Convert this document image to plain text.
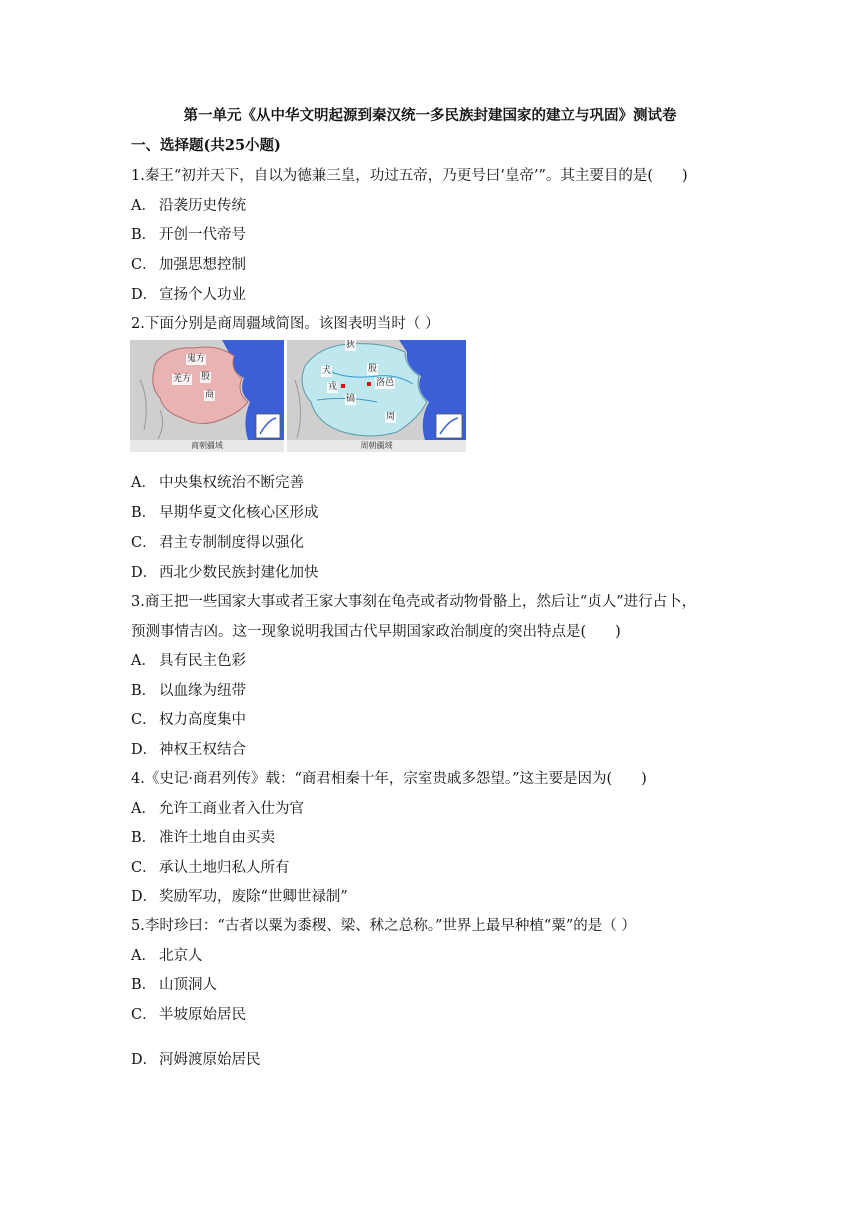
第一单元《从中华文明起源到秦汉统一多民族封建国家的建立与巩固》测试卷
一、选择题(共25小题)
1.秦王“初并天下，自以为德兼三皇，功过五帝，乃更号曰‘皇帝’”。其主要目的是(　　)
A． 沿袭历史传统
B． 开创一代帝号
C． 加强思想控制
D． 宣扬个人功业
2.下面分别是商周疆域简图。该图表明当时（ ）
鬼方
殷
羌方
商
商朝疆域
狄
犬	殷
戎	洛邑
镐
周
周朝疆域
A． 中央集权统治不断完善
B． 早期华夏文化核心区形成
C． 君主专制制度得以强化
D． 西北少数民族封建化加快
3.商王把一些国家大事或者王家大事刻在龟壳或者动物骨骼上，然后让“贞人”进行占卜，
预测事情吉凶。这一现象说明我国古代早期国家政治制度的突出特点是(　　)
A． 具有民主色彩
B． 以血缘为纽带
C． 权力高度集中
D． 神权王权结合
4.《史记·商君列传》载：“商君相秦十年，宗室贵戚多怨望。”这主要是因为(　　)
A． 允许工商业者入仕为官
B． 准许土地自由买卖
C． 承认土地归私人所有
D． 奖励军功，废除“世卿世禄制”
5.李时珍曰：“古者以粟为黍稷、梁、秫之总称。”世界上最早种植“粟”的是（ ）
A． 北京人
B． 山顶洞人
C． 半坡原始居民
D． 河姆渡原始居民
